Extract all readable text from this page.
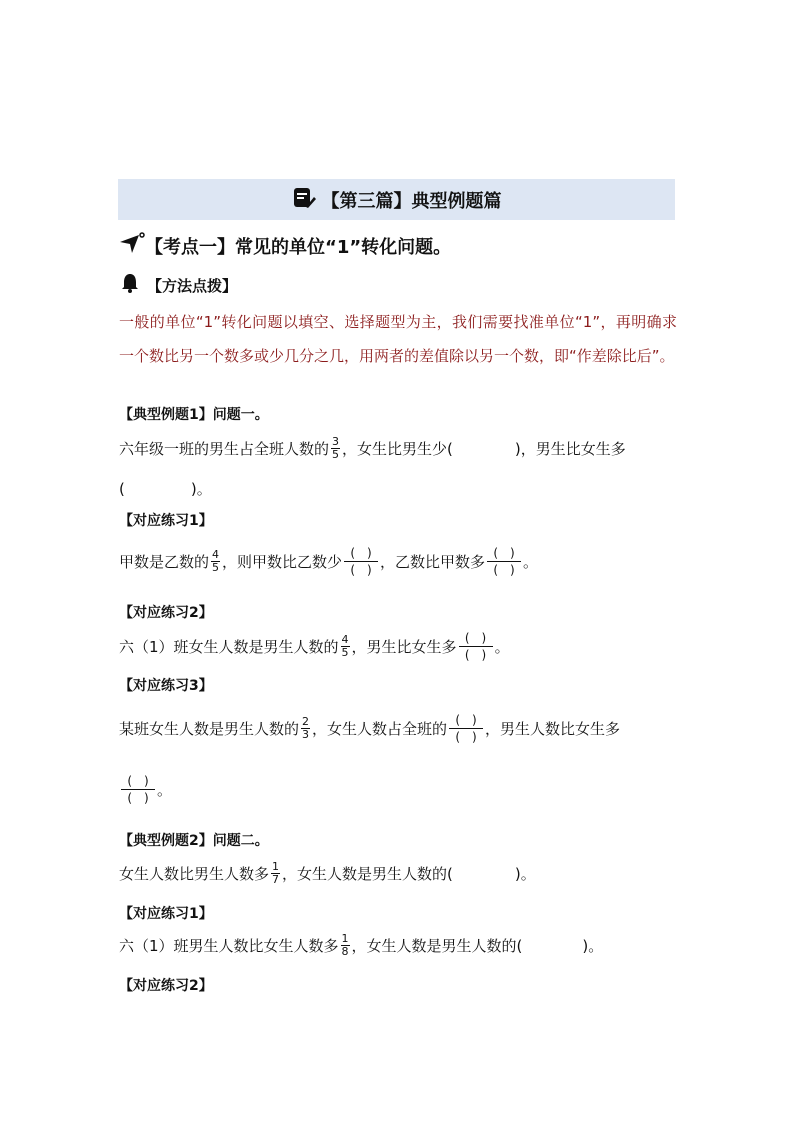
【第三篇】典型例题篇
【考点一】常见的单位“1”转化问题。
【方法点拨】
一般的单位“1”转化问题以填空、选择题型为主，我们需要找准单位“1”，再明确求一个数比另一个数多或少几分之几，用两者的差值除以另一个数，即“作差除比后”。
【典型例题1】问题一。
六年级一班的男生占全班人数的 $\frac{3}{5}$ ，女生比男生少(	)，男生比女生多
(	)。
【对应练习1】
甲数是乙数的 $\frac{4}{5}$ ，则甲数比乙数少 (　)
(　) ，乙数比甲数多 (　)
(　) 。
【对应练习2】
六（1）班女生人数是男生人数的 $\frac{4}{5}$ ，男生比女生多 (　)
(　) 。
【对应练习3】
某班女生人数是男生人数的 $\frac{2}{3}$ ，女生人数占全班的 (　)
(　) ，男生人数比女生多
(　)
(　) 。
【典型例题2】问题二。
女生人数比男生人数多 $\frac{1}{7}$ ，女生人数是男生人数的(	)。
【对应练习1】
六（1）班男生人数比女生人数多 $\frac{1}{8}$ ，女生人数是男生人数的(	)。
【对应练习2】
